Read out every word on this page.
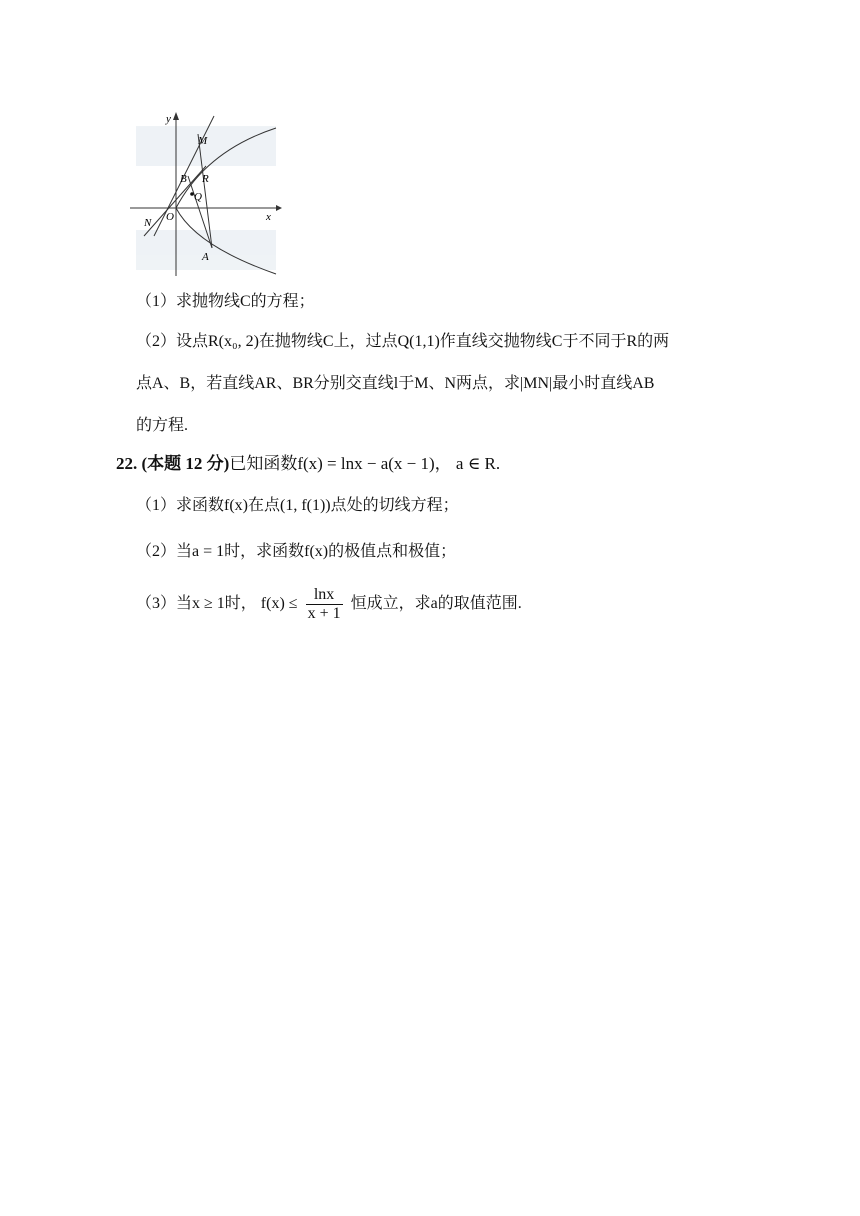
y
x
M
B R
Q
N O
A
（1）求抛物线C的方程；
（2）设点R(x₀, 2)在抛物线C上，过点Q(1,1)作直线交抛物线C于不同于R的两
点A、B，若直线AR、BR分别交直线l于M、N两点，求|MN|最小时直线AB
的方程.
22. (本题 12 分)已知函数f(x) = lnx − a(x − 1)， a ∈ R.
（1）求函数f(x)在点(1, f(1))点处的切线方程；
（2）当a = 1时，求函数f(x)的极值点和极值；
（3）当x ≥ 1时， $f(x) \le \frac{\ln x}{x + 1}$ 恒成立，求a的取值范围.
